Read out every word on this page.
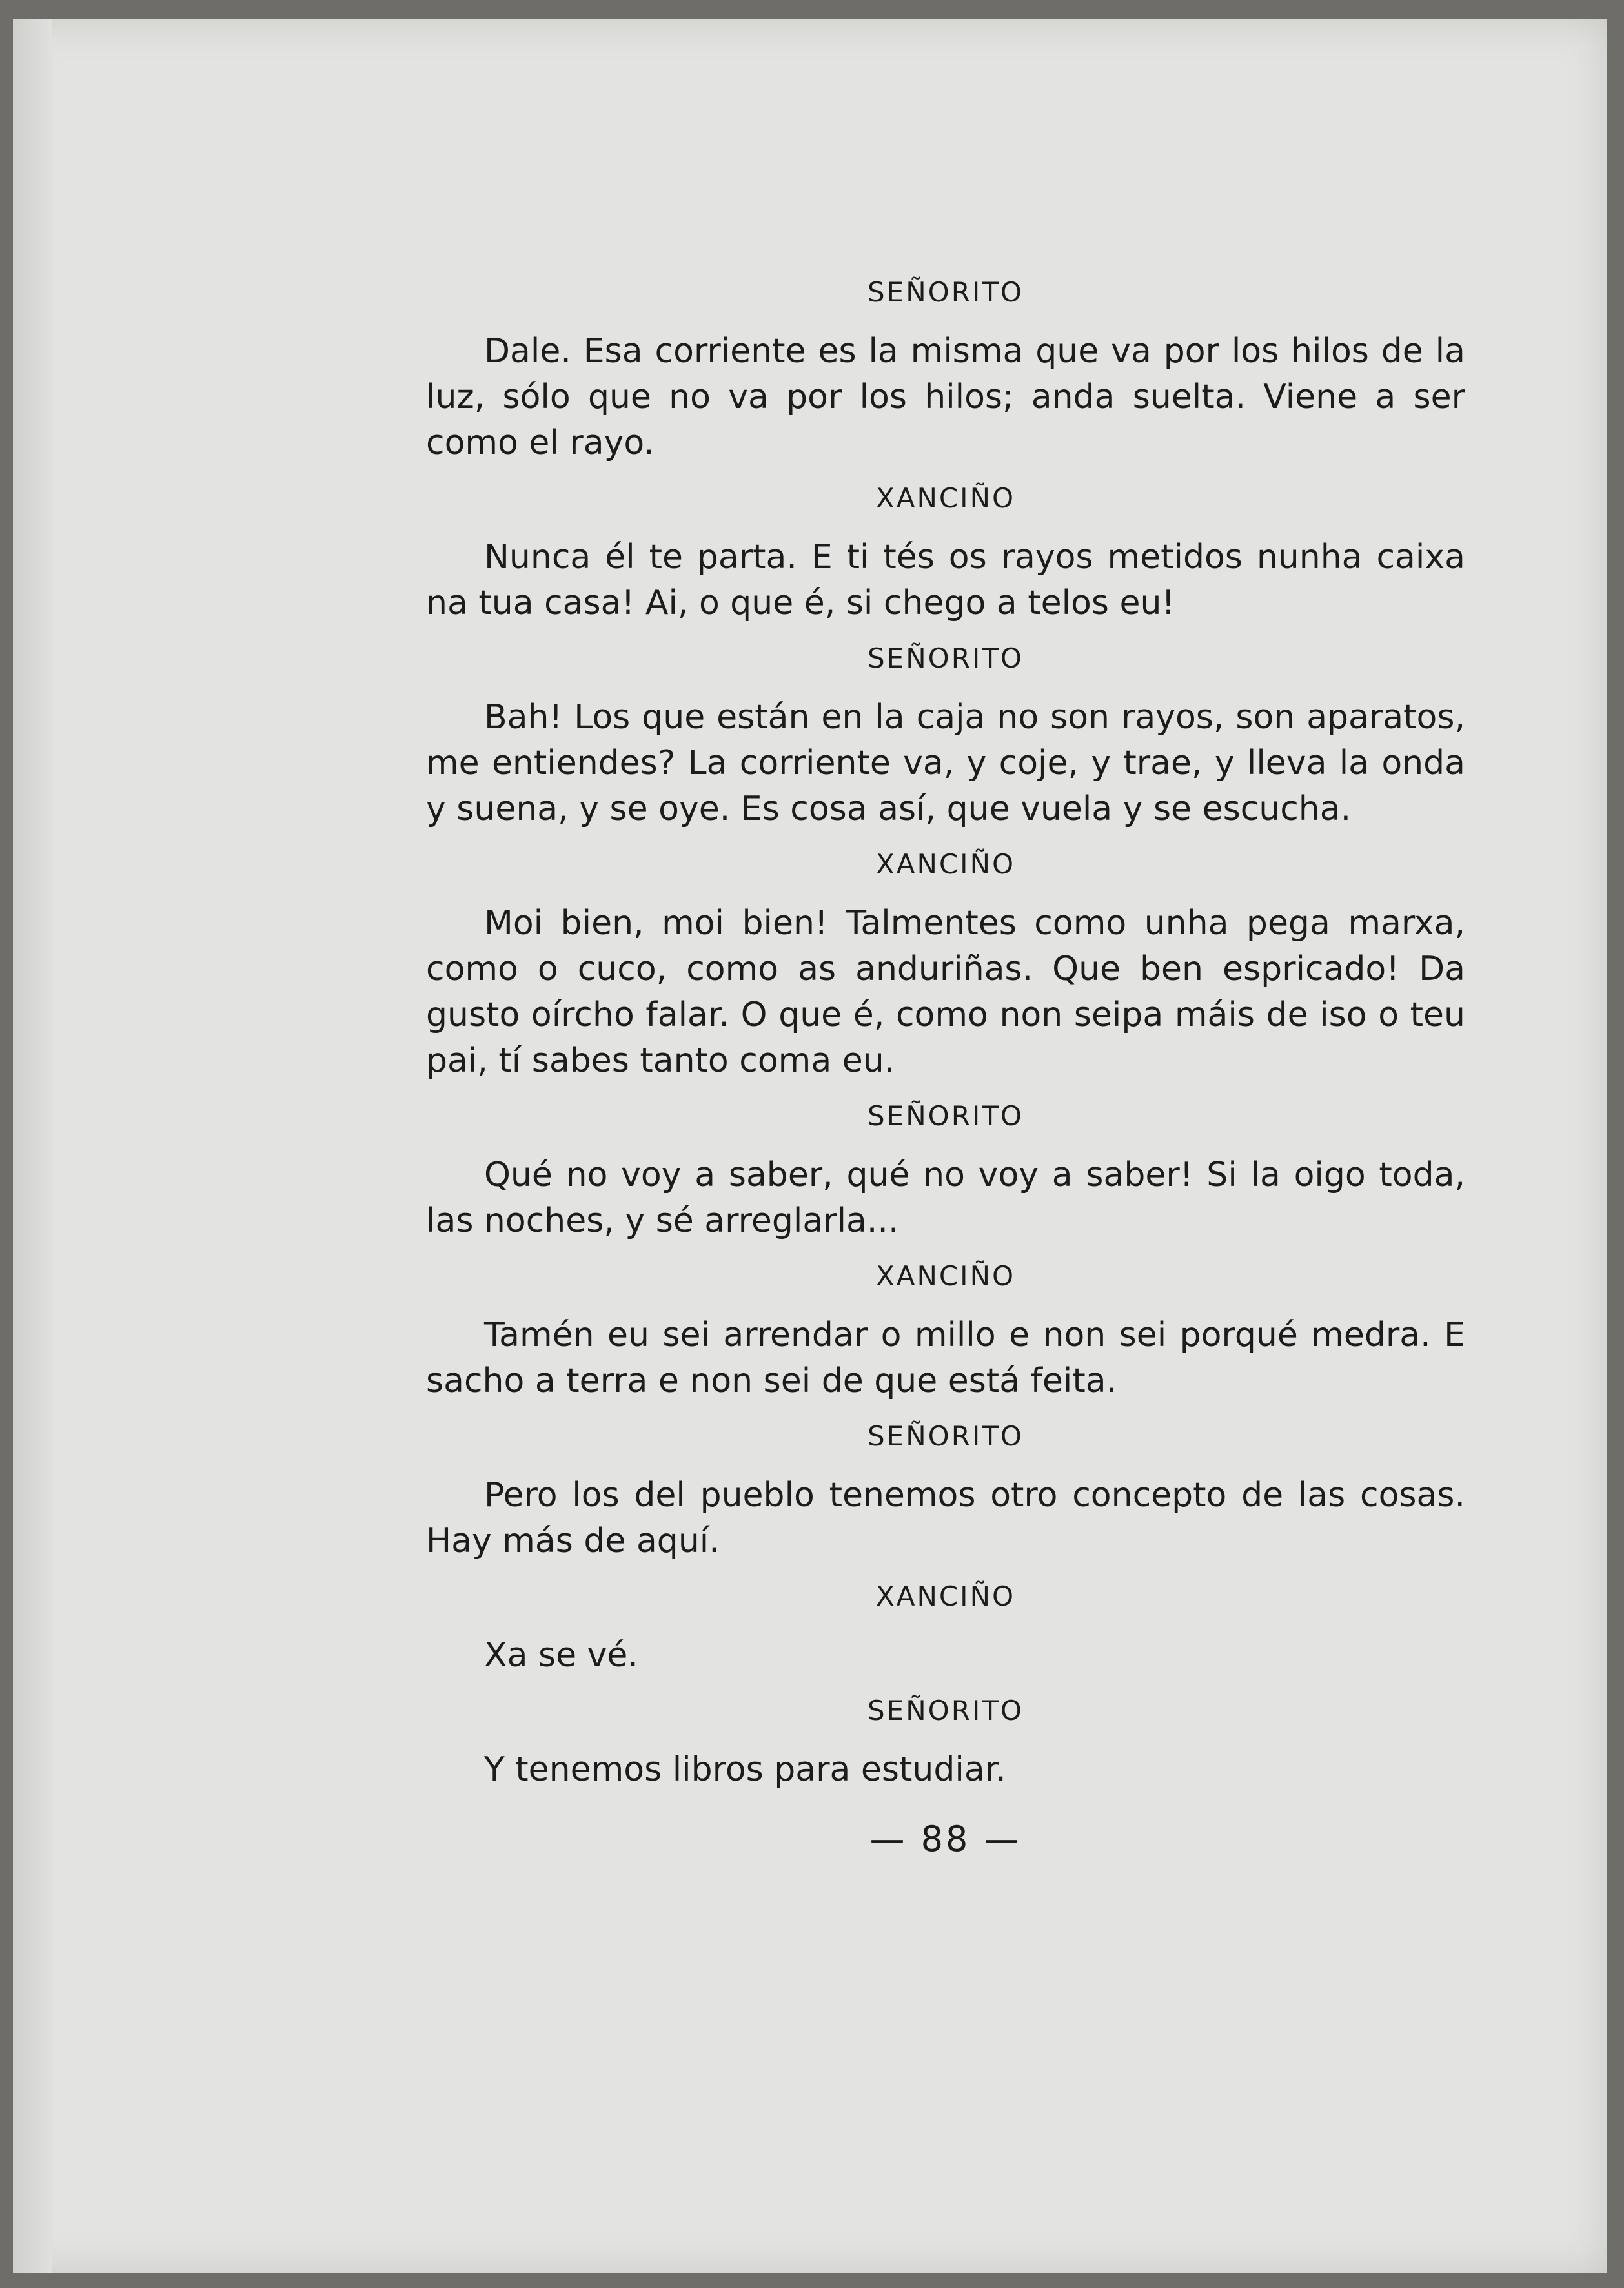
SEÑORITO

Dale. Esa corriente es la misma que va por los hilos de la luz, sólo que no va por los hilos; anda suelta. Viene a ser como el rayo.

XANCIÑO

Nunca él te parta. E ti tés os rayos metidos nunha caixa na tua casa! Ai, o que é, si chego a telos eu!

SEÑORITO

Bah! Los que están en la caja no son rayos, son aparatos, me entiendes? La corriente va, y coje, y trae, y lleva la onda y suena, y se oye. Es cosa así, que vuela y se escucha.

XANCIÑO

Moi bien, moi bien! Talmentes como unha pega marxa, como o cuco, como as anduriñas. Que ben espricado! Da gusto oírcho falar. O que é, como non seipa máis de iso o teu pai, tí sabes tanto coma eu.

SEÑORITO

Qué no voy a saber, qué no voy a saber! Si la oigo toda, las noches, y sé arreglarla...

XANCIÑO

Tamén eu sei arrendar o millo e non sei porqué medra. E sacho a terra e non sei de que está feita.

SEÑORITO

Pero los del pueblo tenemos otro concepto de las cosas. Hay más de aquí.

XANCIÑO

Xa se vé.

SEÑORITO

Y tenemos libros para estudiar.

— 88 —
